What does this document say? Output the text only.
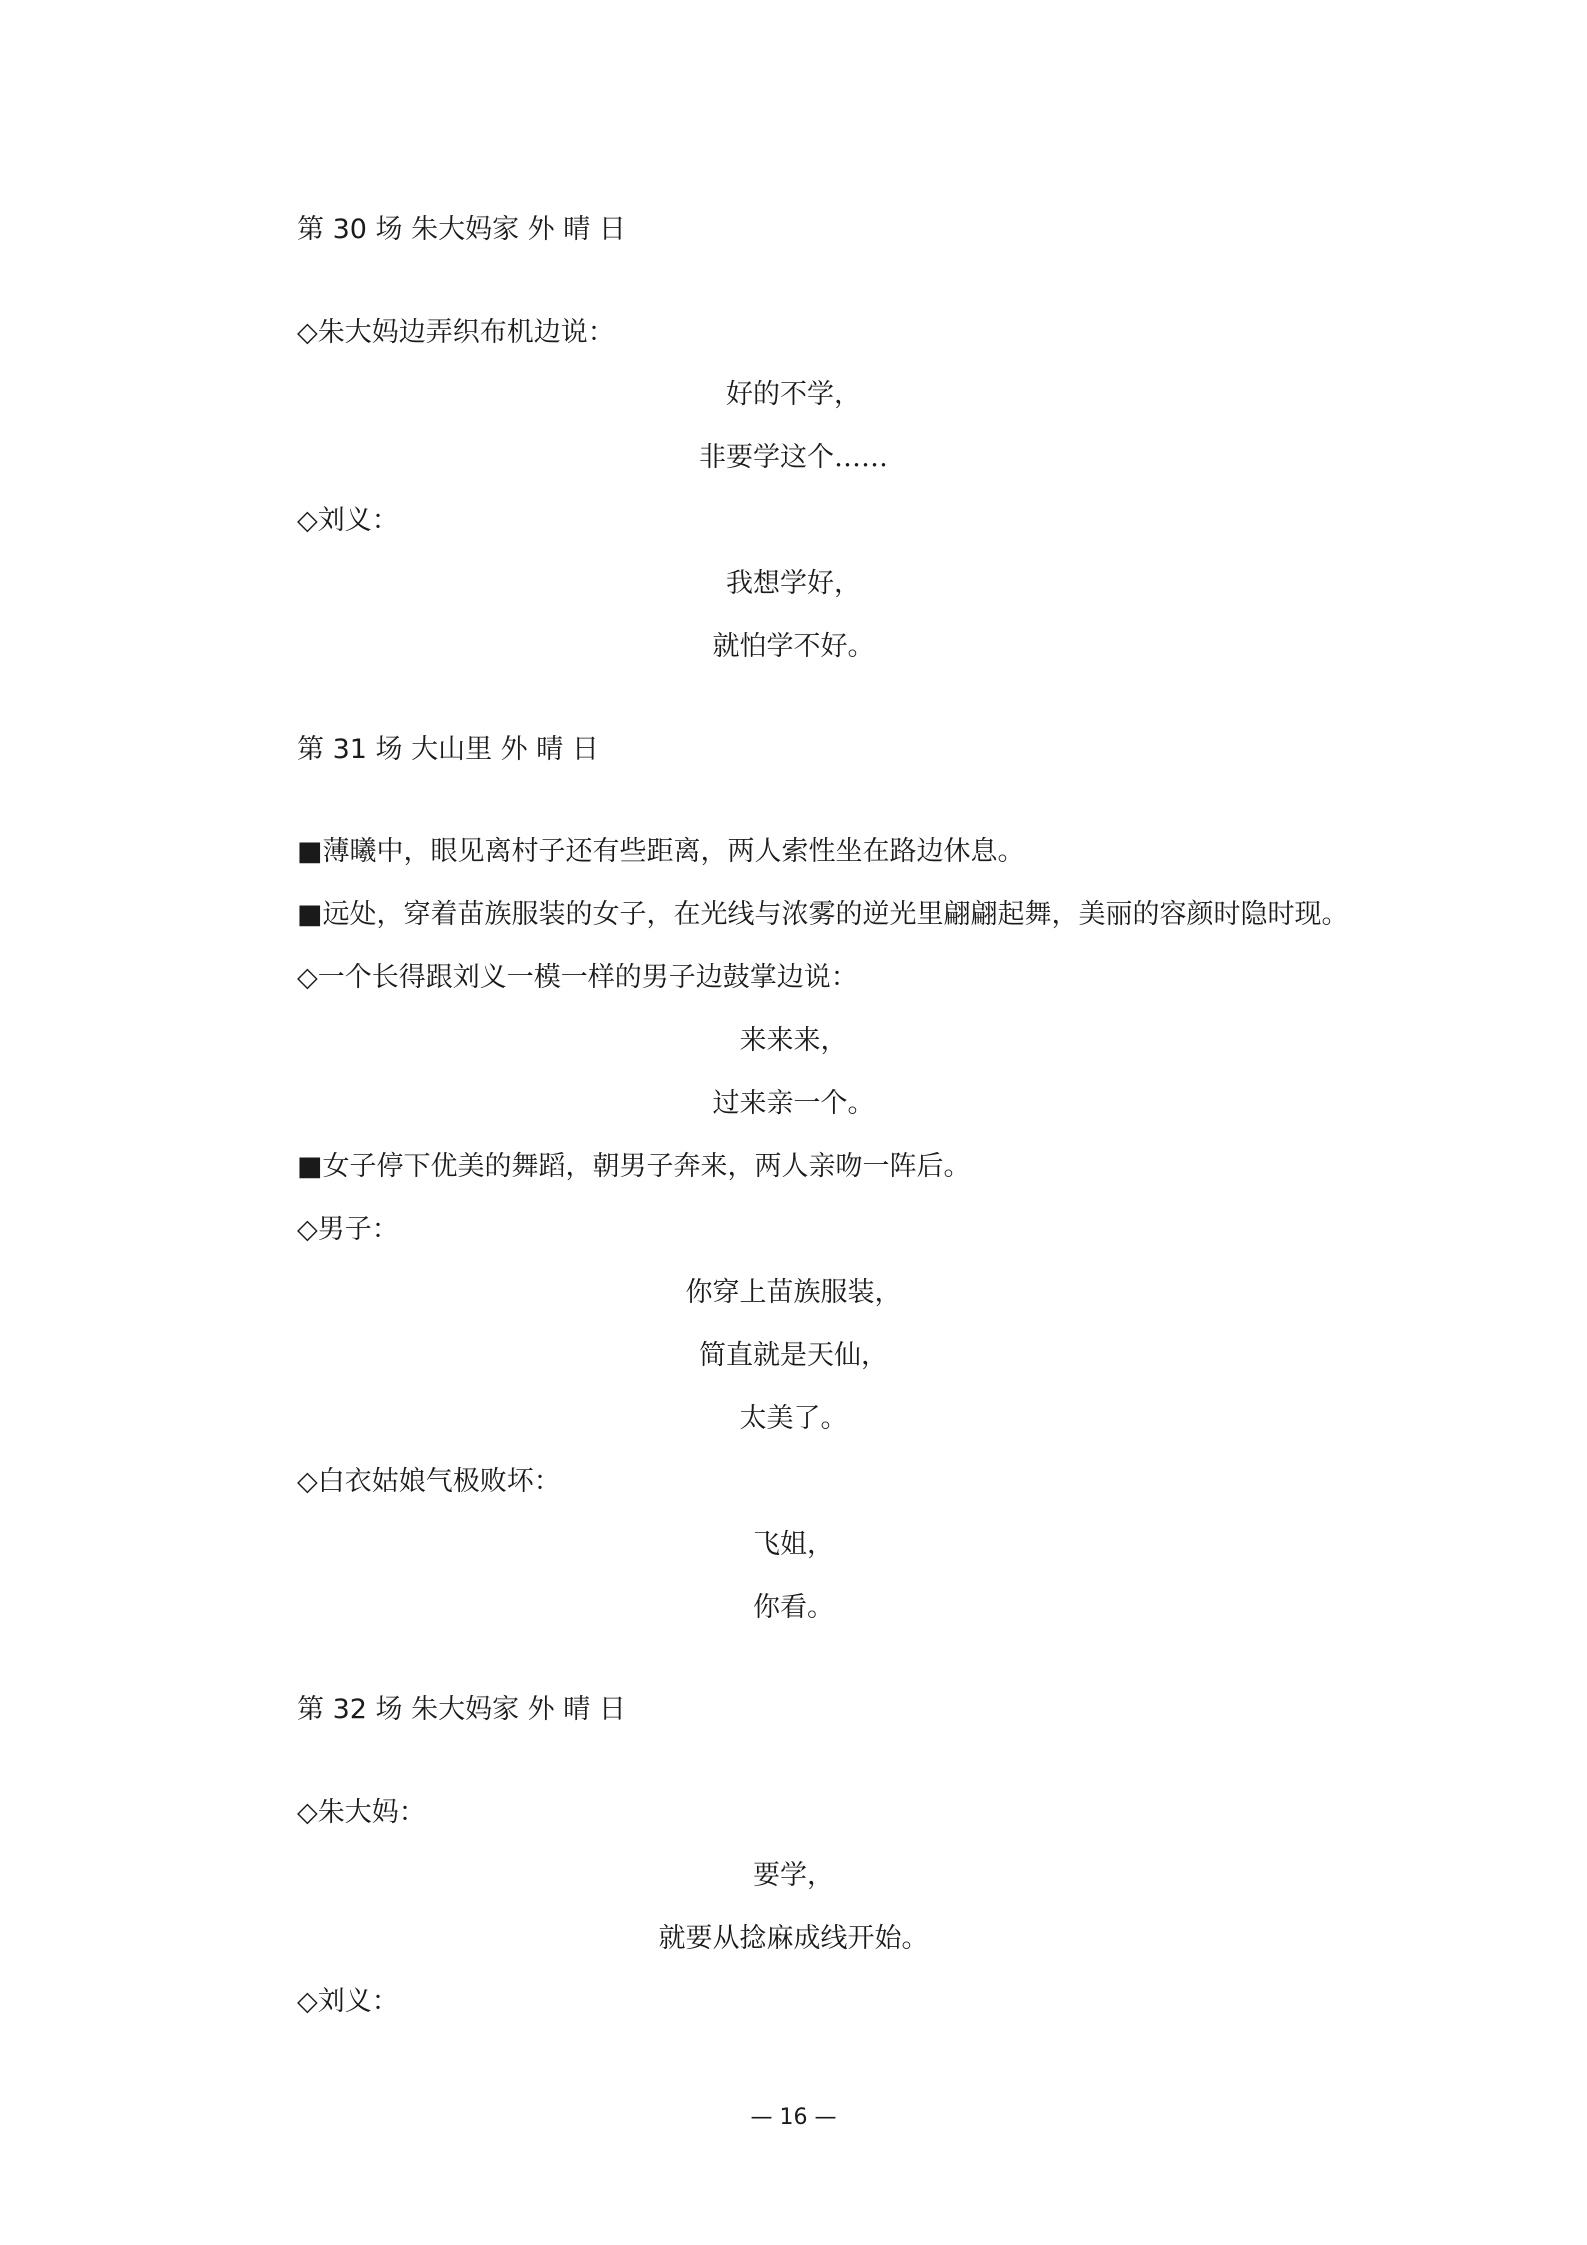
第 30 场 朱大妈家 外 晴 日
◇朱大妈边弄织布机边说：
好的不学，
非要学这个……
◇刘义：
我想学好，
就怕学不好。
第 31 场 大山里 外 晴 日
■薄曦中，眼见离村子还有些距离，两人索性坐在路边休息。
■远处，穿着苗族服装的女子，在光线与浓雾的逆光里翩翩起舞，美丽的容颜时隐时现。
◇一个长得跟刘义一模一样的男子边鼓掌边说：
来来来，
过来亲一个。
■女子停下优美的舞蹈，朝男子奔来，两人亲吻一阵后。
◇男子：
你穿上苗族服装，
简直就是天仙，
太美了。
◇白衣姑娘气极败坏：
飞姐，
你看。
第 32 场 朱大妈家 外 晴 日
◇朱大妈：
要学，
就要从捻麻成线开始。
◇刘义：
— 16 —
